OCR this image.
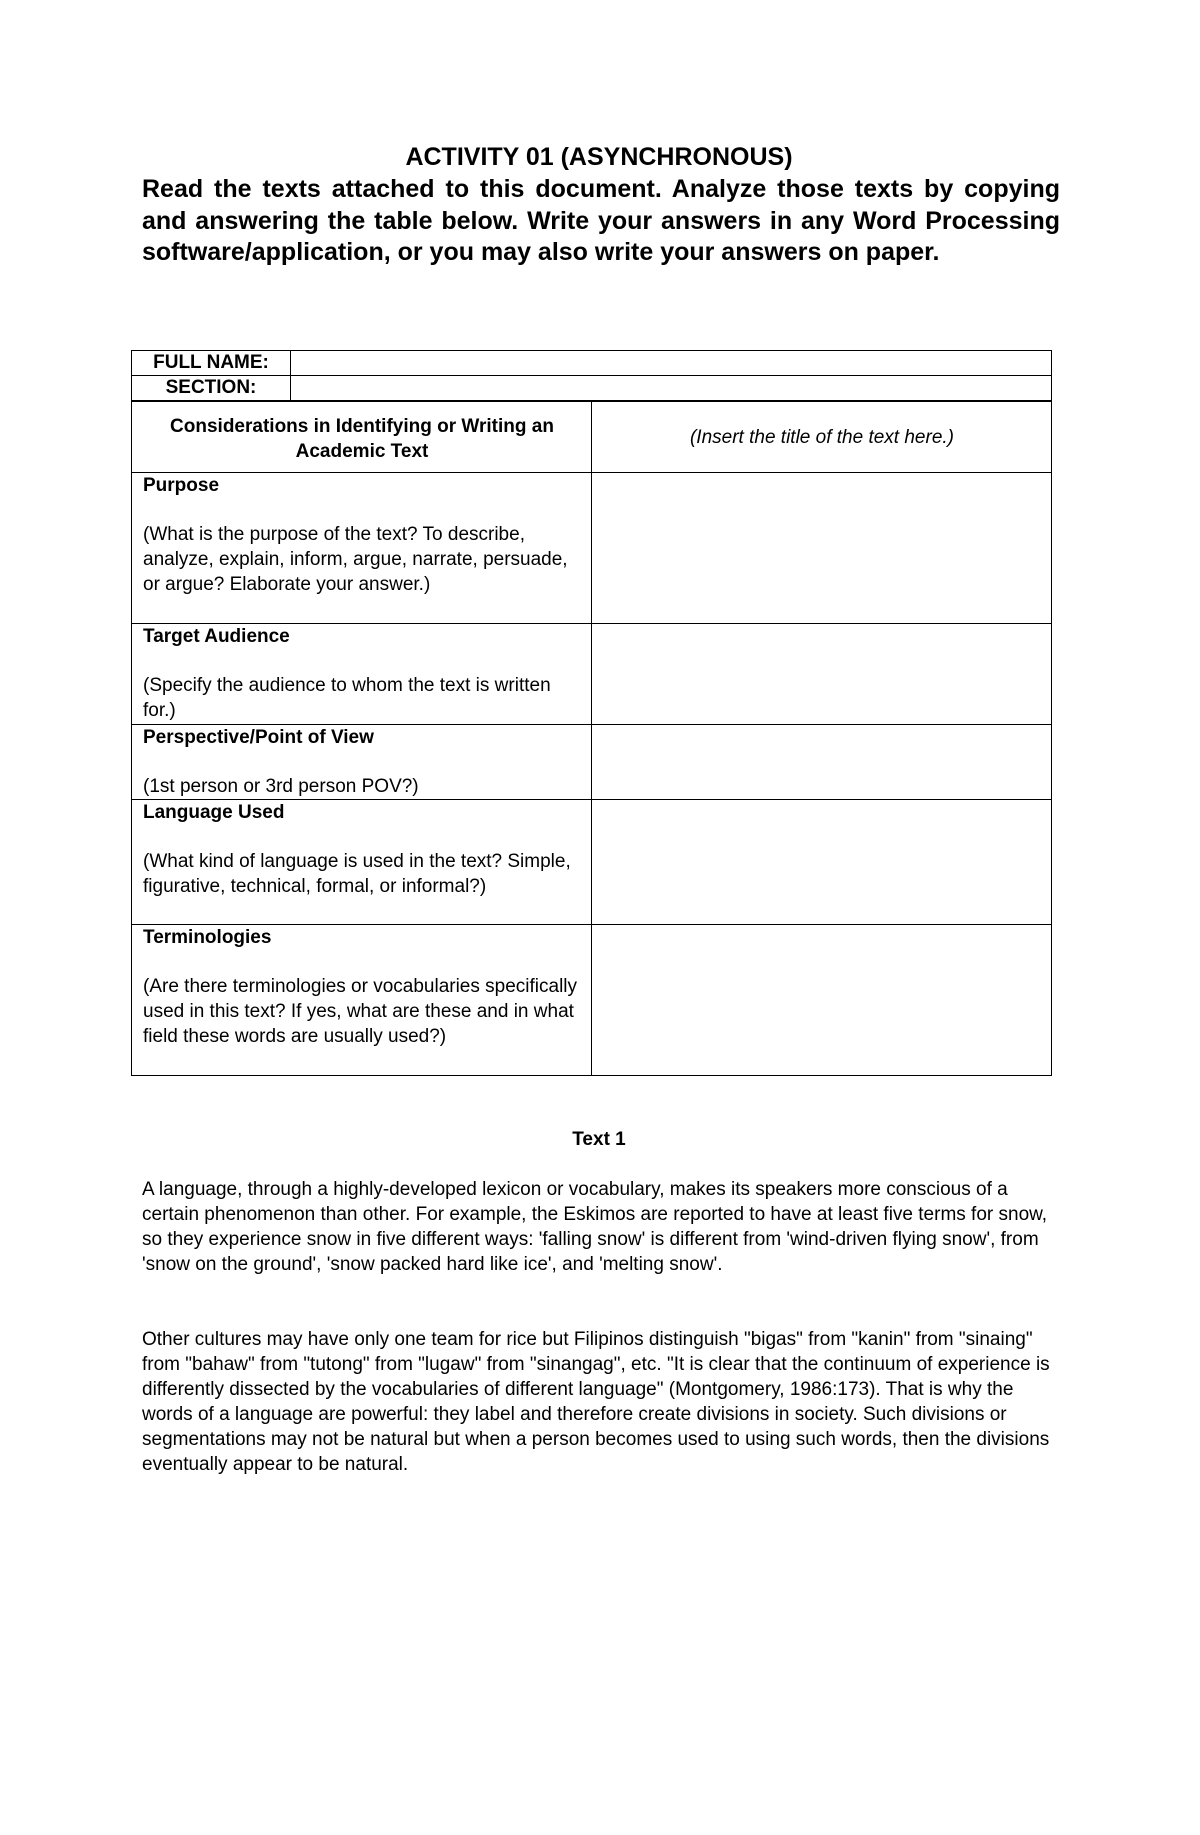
ACTIVITY 01 (ASYNCHRONOUS)
Read the texts attached to this document. Analyze those texts by copying and answering the table below. Write your answers in any Word Processing software/application, or you may also write your answers on paper.
FULL NAME:	
SECTION:	
Considerations in Identifying or Writing an Academic Text	(Insert the title of the text here.)

Purpose
(What is the purpose of the text? To describe, analyze, explain, inform, argue, narrate, persuade, or argue? Elaborate your answer.)	

Target Audience
(Specify the audience to whom the text is written for.)	

Perspective/Point of View
(1st person or 3rd person POV?)	

Language Used
(What kind of language is used in the text? Simple, figurative, technical, formal, or informal?)	

Terminologies
(Are there terminologies or vocabularies specifically used in this text? If yes, what are these and in what field these words are usually used?)	

Text 1
A language, through a highly-developed lexicon or vocabulary, makes its speakers more conscious of a certain phenomenon than other. For example, the Eskimos are reported to have at least five terms for snow, so they experience snow in five different ways: 'falling snow' is different from 'wind-driven flying snow', from 'snow on the ground', 'snow packed hard like ice', and 'melting snow'.
Other cultures may have only one team for rice but Filipinos distinguish "bigas" from "kanin" from "sinaing" from "bahaw" from "tutong" from "lugaw" from "sinangag", etc. "It is clear that the continuum of experience is differently dissected by the vocabularies of different language" (Montgomery, 1986:173). That is why the words of a language are powerful: they label and therefore create divisions in society. Such divisions or segmentations may not be natural but when a person becomes used to using such words, then the divisions eventually appear to be natural.
